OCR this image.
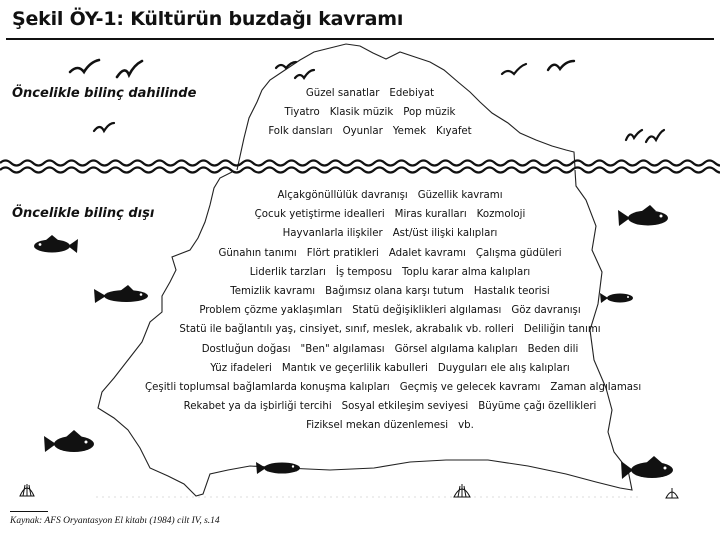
Şekil ÖY-1: Kültürün buzdağı kavramı
Öncelikle bilinç dahilinde
Öncelikle bilinç dışı
Güzel sanatlar Edebiyat
Tiyatro Klasik müzik Pop müzik
Folk dansları Oyunlar Yemek Kıyafet
Alçakgönüllülük davranışı Güzellik kavramı
Çocuk yetiştirme idealleri Miras kuralları Kozmoloji
Hayvanlarla ilişkiler Ast/üst ilişki kalıpları
Günahın tanımı Flört pratikleri Adalet kavramı Çalışma güdüleri
Liderlik tarzları İş temposu Toplu karar alma kalıpları
Temizlik kavramı Bağımsız olana karşı tutum Hastalık teorisi
Problem çözme yaklaşımları Statü değişiklikleri algılaması Göz davranışı
Statü ile bağlantılı yaş, cinsiyet, sınıf, meslek, akrabalık vb. rolleri Deliliğin tanımı
Dostluğun doğası "Ben" algılaması Görsel algılama kalıpları Beden dili
Yüz ifadeleri Mantık ve geçerlilik kabulleri Duyguları ele alış kalıpları
Çeşitli toplumsal bağlamlarda konuşma kalıpları Geçmiş ve gelecek kavramı Zaman algılaması
Rekabet ya da işbirliği tercihi Sosyal etkileşim seviyesi Büyüme çağı özellikleri
Fiziksel mekan düzenlemesi vb.
Kaynak: AFS Oryantasyon El kitabı (1984) cilt IV, s.14
